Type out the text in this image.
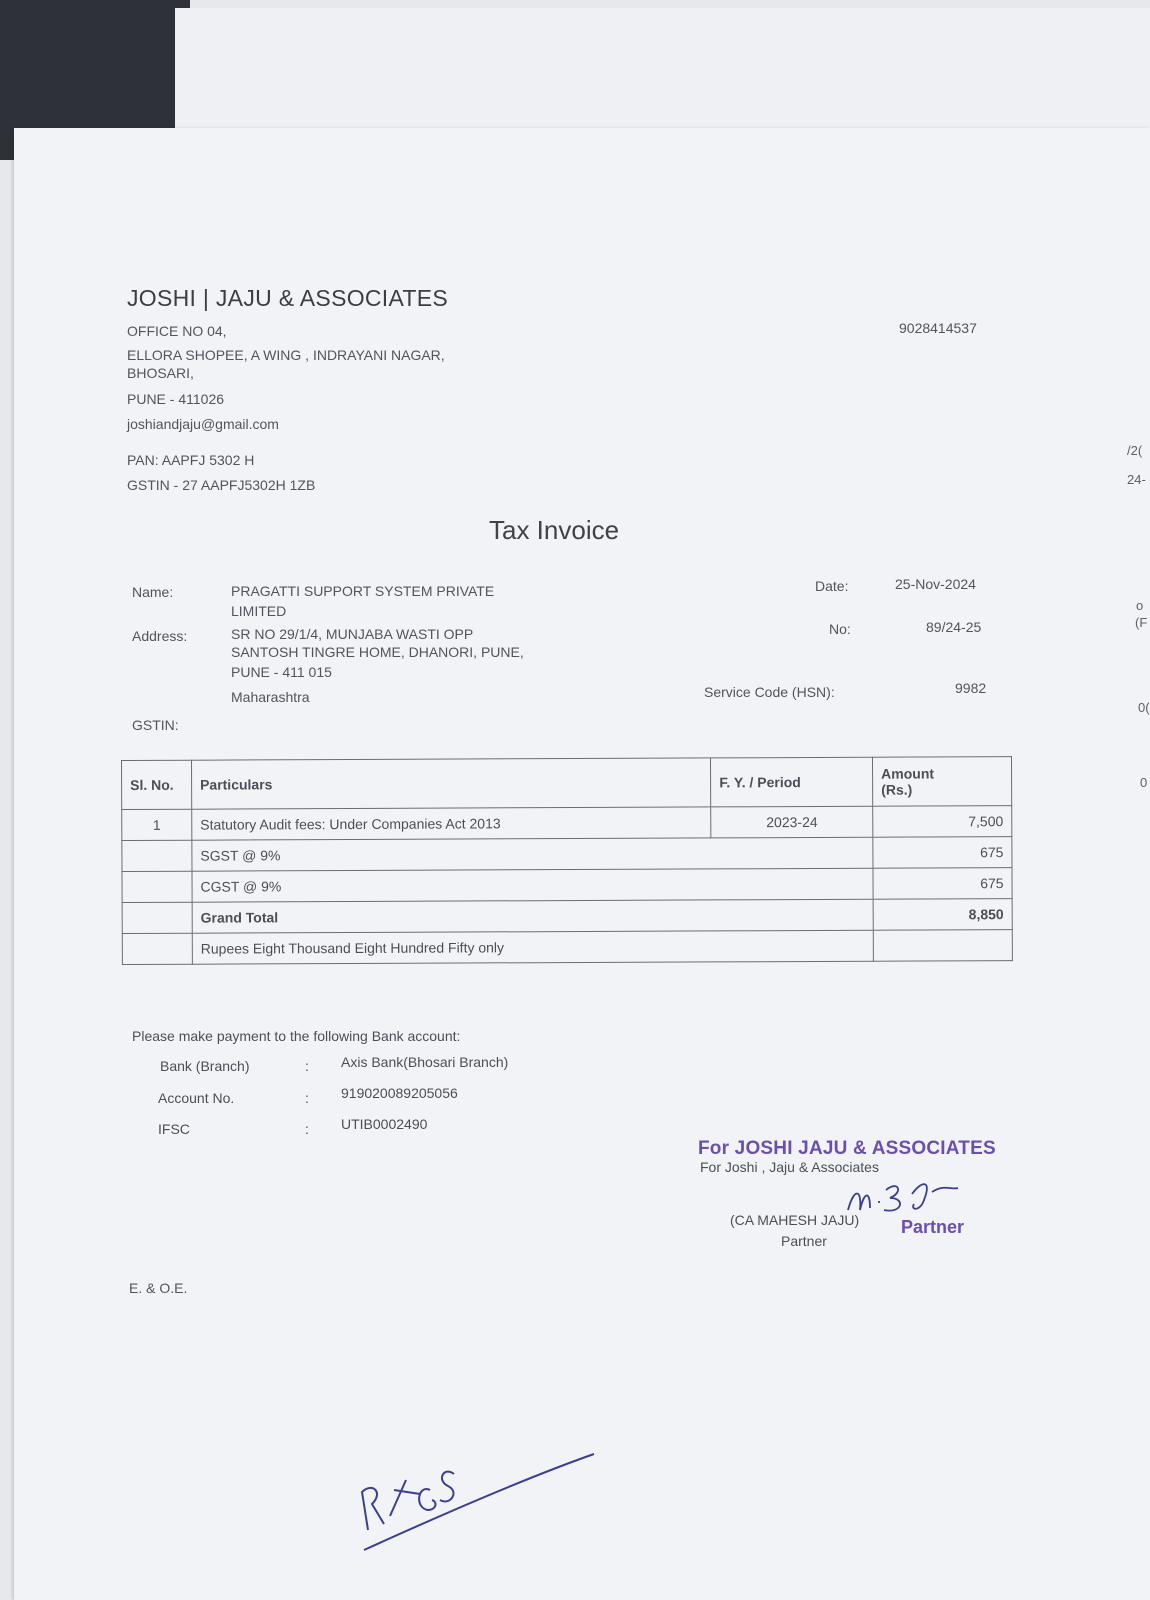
/2(
24-
o
(F
0(
0
JOSHI | JAJU & ASSOCIATES
OFFICE NO 04,
ELLORA SHOPEE, A WING , INDRAYANI NAGAR,
BHOSARI,
PUNE - 411026
joshiandjaju@gmail.com
9028414537
PAN: AAPFJ 5302 H
GSTIN - 27 AAPFJ5302H 1ZB
Tax Invoice
Name:	PRAGATTI SUPPORT SYSTEM PRIVATE
LIMITED
Address:	SR NO 29/1/4, MUNJABA WASTI OPP
SANTOSH TINGRE HOME, DHANORI, PUNE,
PUNE - 411 015
Maharashtra
GSTIN:
Date:	25-Nov-2024
No:	89/24-25
Service Code (HSN):	9982
Sl. No.	Particulars	F. Y. / Period	Amount
(Rs.)

1	Statutory Audit fees: Under Companies Act 2013	2023-24	7,500
	SGST @ 9%		675
	CGST @ 9%		675
	Grand Total		8,850
	Rupees Eight Thousand Eight Hundred Fifty only		
Please make payment to the following Bank account:
Bank (Branch)	: Axis Bank(Bhosari Branch)
Account No.	: 919020089205056
IFSC	: UTIB0002490
For JOSHI JAJU & ASSOCIATES
For Joshi , Jaju & Associates
(CA MAHESH JAJU)
Partner
Partner
E. & O.E.
